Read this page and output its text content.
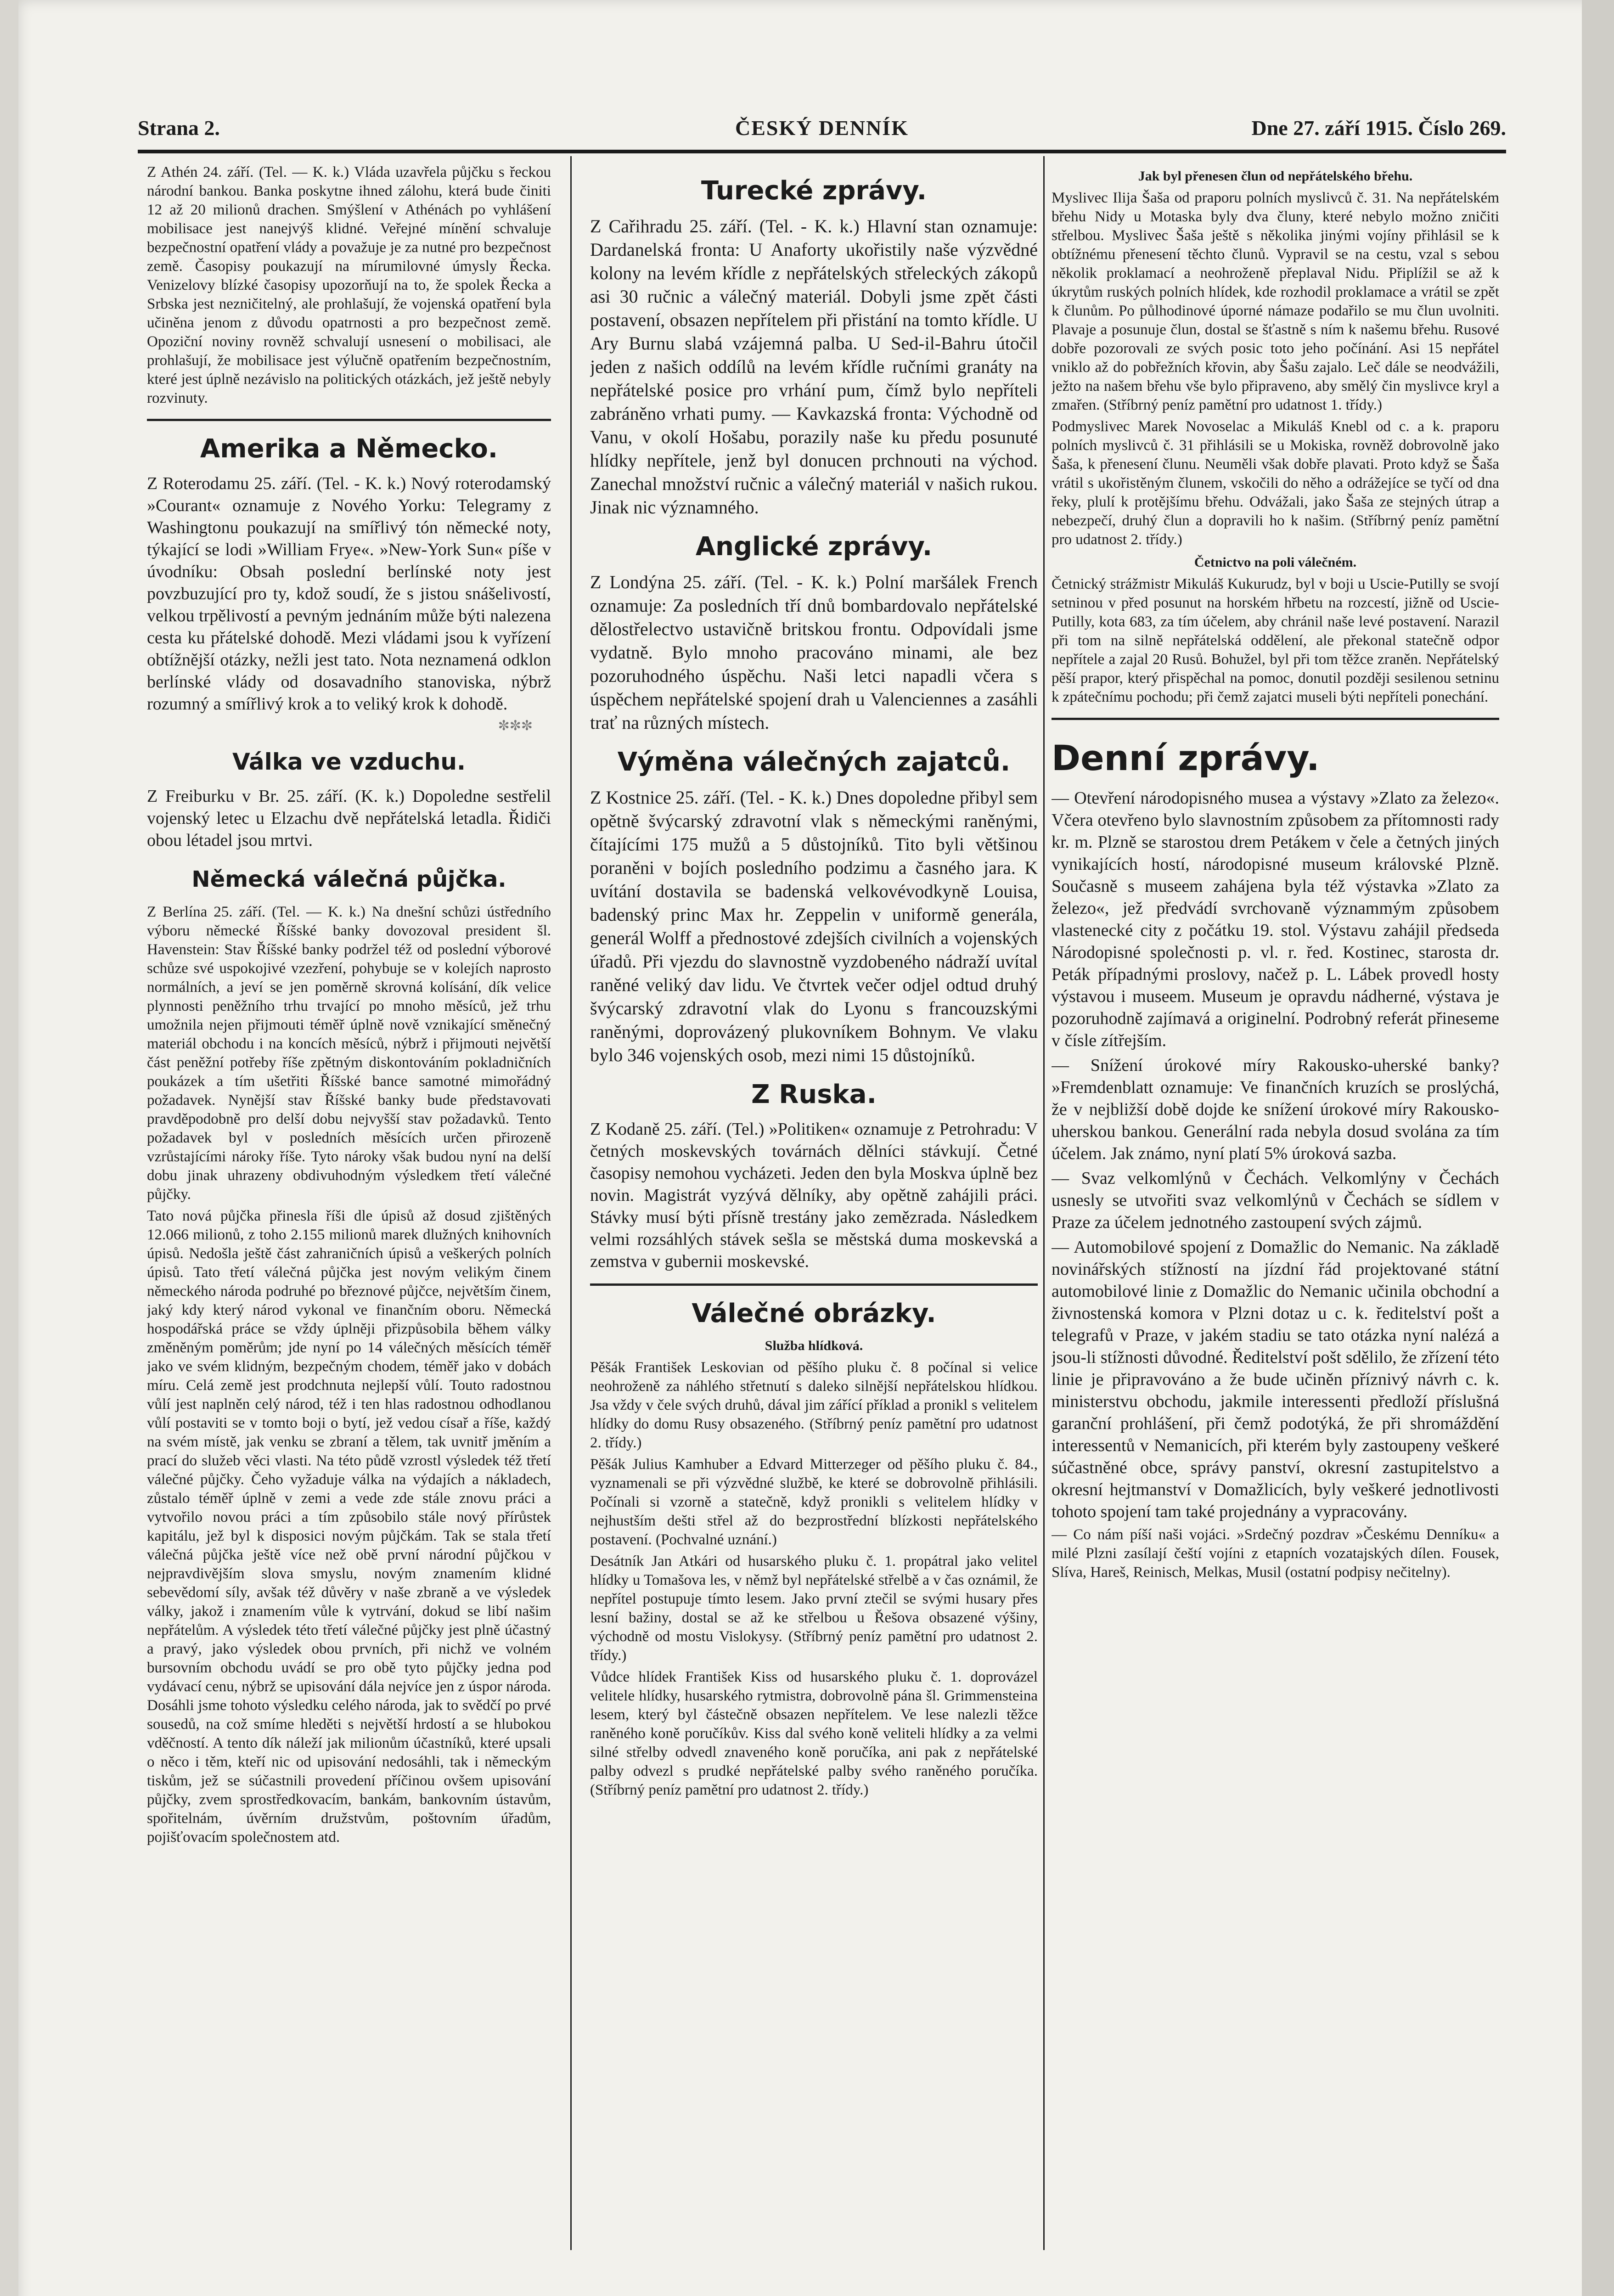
Strana 2.	ČESKÝ DENNÍK	Dne 27. září 1915. Číslo 269.

Z Athén 24. září. (Tel. — K. k.) Vláda uzavřela půjčku s řeckou národní bankou. Banka poskytne ihned zálohu, která bude činiti 12 až 20 milionů drachen. Smýšlení v Athénách po vyhlášení mobilisace jest nanejvýš klidné. Veřejné mínění schvaluje bezpečnostní opatření vlády a považuje je za nutné pro bezpečnost země. Časopisy poukazují na mírumilovné úmysly Řecka. Venizelovy blízké časopisy upozorňují na to, že spolek Řecka a Srbska jest nezničitelný, ale prohlašují, že vojenská opatření byla učiněna jenom z důvodu opatrnosti a pro bezpečnost země. Opoziční noviny rovněž schvalují usnesení o mobilisaci, ale prohlašují, že mobilisace jest výlučně opatřením bezpečnostním, které jest úplně nezávislo na politických otázkách, jež ještě nebyly rozvinuty.

Amerika a Německo.

Z Roterodamu 25. září. (Tel. - K. k.) Nový roterodamský »Courant« oznamuje z Nového Yorku: Telegramy z Washingtonu poukazují na smířlivý tón německé noty, týkající se lodi »William Frye«. »New-York Sun« píše v úvodníku: Obsah poslední berlínské noty jest povzbuzující pro ty, kdož soudí, že s jistou snášelivostí, velkou trpělivostí a pevným jednáním může býti nalezena cesta ku přátelské dohodě. Mezi vládami jsou k vyřízení obtížnější otázky, nežli jest tato. Nota neznamená odklon berlínské vlády od dosavadního stanoviska, nýbrž rozumný a smířlivý krok a to veliký krok k dohodě.

✼✼✼
Válka ve vzduchu.

Z Freiburku v Br. 25. září. (K. k.) Dopoledne sestřelil vojenský letec u Elzachu dvě nepřátelská letadla. Řidiči obou létadel jsou mrtvi.

Německá válečná půjčka.

Z Berlína 25. září. (Tel. — K. k.) Na dnešní schůzi ústředního výboru německé Říšské banky dovozoval president šl. Havenstein: Stav Říšské banky podržel též od poslední výborové schůze své uspokojivé vzezření, pohybuje se v kolejích naprosto normálních, a jeví se jen poměrně skrovná kolísání, dík velice plynnosti peněžního trhu trvající po mnoho měsíců, jež trhu umožnila nejen přijmouti téměř úplně nově vznikající směnečný materiál obchodu i na koncích měsíců, nýbrž i přijmouti největší část peněžní potřeby říše zpětným diskontováním pokladničních poukázek a tím ušetřiti Říšské bance samotné mimořádný požadavek. Nynější stav Říšské banky bude představovati pravděpodobně pro delší dobu nejvyšší stav požadavků. Tento požadavek byl v posledních měsících určen přirozeně vzrůstajícími nároky říše. Tyto nároky však budou nyní na delší dobu jinak uhrazeny obdivuhodným výsledkem třetí válečné půjčky.

Tato nová půjčka přinesla říši dle úpisů až dosud zjištěných 12.066 milionů, z toho 2.155 milionů marek dlužných knihovních úpisů. Nedošla ještě část zahraničních úpisů a veškerých polních úpisů. Tato třetí válečná půjčka jest novým velikým činem německého národa podruhé po březnové půjčce, největším činem, jaký kdy který národ vykonal ve finančním oboru. Německá hospodářská práce se vždy úplněji přizpůsobila během války změněným poměrům; jde nyní po 14 válečných měsících téměř jako ve svém klidným, bezpečným chodem, téměř jako v dobách míru. Celá země jest prodchnuta nejlepší vůlí. Touto radostnou vůlí jest naplněn celý národ, též i ten hlas radostnou odhodlanou vůlí postaviti se v tomto boji o bytí, jež vedou císař a říše, každý na svém místě, jak venku se zbraní a tělem, tak uvnitř jměním a prací do služeb věci vlasti. Na této půdě vzrostl výsledek též třetí válečné půjčky. Čeho vyžaduje válka na výdajích a nákladech, zůstalo téměř úplně v zemi a vede zde stále znovu práci a vytvořilo novou práci a tím způsobilo stále nový přírůstek kapitálu, jež byl k disposici novým půjčkám. Tak se stala třetí válečná půjčka ještě více než obě první národní půjčkou v nejpravdivějším slova smyslu, novým znamením klidné sebevědomí síly, avšak též důvěry v naše zbraně a ve výsledek války, jakož i znamením vůle k vytrvání, dokud se libí našim nepřátelům. A výsledek této třetí válečné půjčky jest plně účastný a pravý, jako výsledek obou prvních, při nichž ve volném bursovním obchodu uvádí se pro obě tyto půjčky jedna pod vydávací cenu, nýbrž se upisování dála nejvíce jen z úspor národa. Dosáhli jsme tohoto výsledku celého národa, jak to svědčí po prvé sousedů, na což smíme hleděti s největší hrdostí a se hlubokou vděčností. A tento dík náleží jak milionům účastníků, které upsali o něco i těm, kteří nic od upisování nedosáhli, tak i německým tiskům, jež se súčastnili provedení příčinou ovšem upisování půjčky, zvem sprostředkovacím, bankám, bankovním ústavům, spořitelnám, úvěrním družstvům, poštovním úřadům, pojišťovacím společnostem atd.

Turecké zprávy.

Z Cařihradu 25. září. (Tel. - K. k.) Hlavní stan oznamuje: Dardanelská fronta: U Anaforty ukořistily naše výzvědné kolony na levém křídle z nepřátelských střeleckých zákopů asi 30 ručnic a válečný materiál. Dobyli jsme zpět části postavení, obsazen nepřítelem při přistání na tomto křídle. U Ary Burnu slabá vzájemná palba. U Sed-il-Bahru útočil jeden z našich oddílů na levém křídle ručními granáty na nepřátelské posice pro vrhání pum, čímž bylo nepříteli zabráněno vrhati pumy. — Kavkazská fronta: Východně od Vanu, v okolí Hošabu, porazily naše ku předu posunuté hlídky nepřítele, jenž byl donucen prchnouti na východ. Zanechal množství ručnic a válečný materiál v našich rukou. Jinak nic významného.

Anglické zprávy.

Z Londýna 25. září. (Tel. - K. k.) Polní maršálek French oznamuje: Za posledních tří dnů bombardovalo nepřátelské dělostřelectvo ustavičně britskou frontu. Odpovídali jsme vydatně. Bylo mnoho pracováno minami, ale bez pozoruhodného úspěchu. Naši letci napadli včera s úspěchem nepřátelské spojení drah u Valenciennes a zasáhli trať na různých místech.

Výměna válečných zajatců.

Z Kostnice 25. září. (Tel. - K. k.) Dnes dopoledne přibyl sem opětně švýcarský zdravotní vlak s německými raněnými, čítajícími 175 mužů a 5 důstojníků. Tito byli většinou poraněni v bojích posledního podzimu a časného jara. K uvítání dostavila se badenská velkovévodkyně Louisa, badenský princ Max hr. Zeppelin v uniformě generála, generál Wolff a přednostové zdejších civilních a vojenských úřadů. Při vjezdu do slavnostně vyzdobeného nádraží uvítal raněné veliký dav lidu. Ve čtvrtek večer odjel odtud druhý švýcarský zdravotní vlak do Lyonu s francouzskými raněnými, doprovázený plukovníkem Bohnym. Ve vlaku bylo 346 vojenských osob, mezi nimi 15 důstojníků.

Z Ruska.

Z Kodaně 25. září. (Tel.) »Politiken« oznamuje z Petrohradu: V četných moskevských továrnách dělníci stávkují. Četné časopisy nemohou vycházeti. Jeden den byla Moskva úplně bez novin. Magistrát vyzývá dělníky, aby opětně zahájili práci. Stávky musí býti přísně trestány jako zemězrada. Následkem velmi rozsáhlých stávek sešla se městská duma moskevská a zemstva v gubernii moskevské.

Válečné obrázky.
Služba hlídková.

Pěšák František Leskovian od pěšího pluku č. 8 počínal si velice neohroženě za náhlého střetnutí s daleko silnější nepřátelskou hlídkou. Jsa vždy v čele svých druhů, dával jim zářící příklad a pronikl s velitelem hlídky do domu Rusy obsazeného. (Stříbrný peníz pamětní pro udatnost 2. třídy.)

Pěšák Julius Kamhuber a Edvard Mitterzeger od pěšího pluku č. 84., vyznamenali se při výzvědné službě, ke které se dobrovolně přihlásili. Počínali si vzorně a statečně, když pronikli s velitelem hlídky v nejhustším dešti střel až do bezprostřední blízkosti nepřátelského postavení. (Pochvalné uznání.)

Desátník Jan Atkári od husarského pluku č. 1. propátral jako velitel hlídky u Tomašova les, v němž byl nepřátelské střelbě a v čas oznámil, že nepřítel postupuje tímto lesem. Jako první ztečil se svými husary přes lesní bažiny, dostal se až ke střelbou u Řešova obsazené výšiny, východně od mostu Vislokysy. (Stříbrný peníz pamětní pro udatnost 2. třídy.)

Vůdce hlídek František Kiss od husarského pluku č. 1. doprovázel velitele hlídky, husarského rytmistra, dobrovolně pána šl. Grimmensteina lesem, který byl částečně obsazen nepřítelem. Ve lese nalezli těžce raněného koně poručíkův. Kiss dal svého koně veliteli hlídky a za velmi silné střelby odvedl znaveného koně poručíka, ani pak z nepřátelské palby odvezl s prudké nepřátelské palby svého raněného poručíka. (Stříbrný peníz pamětní pro udatnost 2. třídy.)

Jak byl přenesen člun od nepřátelského břehu.

Myslivec Ilija Šaša od praporu polních myslivců č. 31. Na nepřátelském břehu Nidy u Motaska byly dva čluny, které nebylo možno zničiti střelbou. Myslivec Šaša ještě s několika jinými vojíny přihlásil se k obtížnému přenesení těchto člunů. Vypravil se na cestu, vzal s sebou několik proklamací a neohroženě přeplaval Nidu. Připlížil se až k úkrytům ruských polních hlídek, kde rozhodil proklamace a vrátil se zpět k člunům. Po půlhodinové úporné námaze podařilo se mu člun uvolniti. Plavaje a posunuje člun, dostal se šťastně s ním k našemu břehu. Rusové dobře pozorovali ze svých posic toto jeho počínání. Asi 15 nepřátel vniklo až do pobřežních křovin, aby Šašu zajalo. Leč dále se neodvážili, ježto na našem břehu vše bylo připraveno, aby smělý čin myslivce kryl a zmařen. (Stříbrný peníz pamětní pro udatnost 1. třídy.)

Podmyslivec Marek Novoselac a Mikuláš Knebl od c. a k. praporu polních myslivců č. 31 přihlásili se u Mokiska, rovněž dobrovolně jako Šaša, k přenesení člunu. Neuměli však dobře plavati. Proto když se Šaša vrátil s ukořistěným člunem, vskočili do něho a odrážejíce se tyčí od dna řeky, plulí k protějšímu břehu. Odvážali, jako Šaša ze stejných útrap a nebezpečí, druhý člun a dopravili ho k našim. (Stříbrný peníz pamětní pro udatnost 2. třídy.)

Četnictvo na poli válečném.

Četnický strážmistr Mikuláš Kukurudz, byl v boji u Uscie-Putilly se svojí setninou v před posunut na horském hřbetu na rozcestí, jižně od Uscie-Putilly, kota 683, za tím účelem, aby chránil naše levé postavení. Narazil při tom na silně nepřátelská oddělení, ale překonal statečně odpor nepřítele a zajal 20 Rusů. Bohužel, byl při tom těžce zraněn. Nepřátelský pěší prapor, který přispěchal na pomoc, donutil později sesilenou setninu k zpátečnímu pochodu; při čemž zajatci museli býti nepříteli ponechání.

Denní zprávy.

— Otevření národopisného musea a výstavy »Zlato za železo«. Včera otevřeno bylo slavnostním způsobem za přítomnosti rady kr. m. Plzně se starostou drem Petákem v čele a četných jiných vynikajících hostí, národopisné museum královské Plzně. Současně s museem zahájena byla též výstavka »Zlato za železo«, jež předvádí svrchovaně význammým způsobem vlastenecké city z počátku 19. stol. Výstavu zahájil předseda Národopisné společnosti p. vl. r. řed. Kostinec, starosta dr. Peták případnými proslovy, načež p. L. Lábek provedl hosty výstavou i museem. Museum je opravdu nádherné, výstava je pozoruhodně zajímavá a originelní. Podrobný referát přineseme v čísle zítřejším.

— Snížení úrokové míry Rakousko-uherské banky? »Fremdenblatt oznamuje: Ve finančních kruzích se proslýchá, že v nejbližší době dojde ke snížení úrokové míry Rakousko-uherskou bankou. Generální rada nebyla dosud svolána za tím účelem. Jak známo, nyní platí 5% úroková sazba.

— Svaz velkomlýnů v Čechách. Velkomlýny v Čechách usnesly se utvořiti svaz velkomlýnů v Čechách se sídlem v Praze za účelem jednotného zastoupení svých zájmů.

— Automobilové spojení z Domažlic do Nemanic. Na základě novinářských stížností na jízdní řád projektované státní automobilové linie z Domažlic do Nemanic učinila obchodní a živnostenská komora v Plzni dotaz u c. k. ředitelství pošt a telegrafů v Praze, v jakém stadiu se tato otázka nyní nalézá a jsou-li stížnosti důvodné. Ředitelství pošt sdělilo, že zřízení této linie je připravováno a že bude učiněn příznivý návrh c. k. ministerstvu obchodu, jakmile interessenti předloží příslušná garanční prohlášení, při čemž podotýká, že při shromáždění interessentů v Nemanicích, při kterém byly zastoupeny veškeré súčastněné obce, správy panství, okresní zastupitelstvo a okresní hejtmanství v Domažlicích, byly veškeré jednotlivosti tohoto spojení tam také projednány a vypracovány.

— Co nám píší naši vojáci. »Srdečný pozdrav »Českému Denníku« a milé Plzni zasílají čeští vojíni z etapních vozatajských dílen. Fousek, Slíva, Hareš, Reinisch, Melkas, Musil (ostatní podpisy nečitelny).
